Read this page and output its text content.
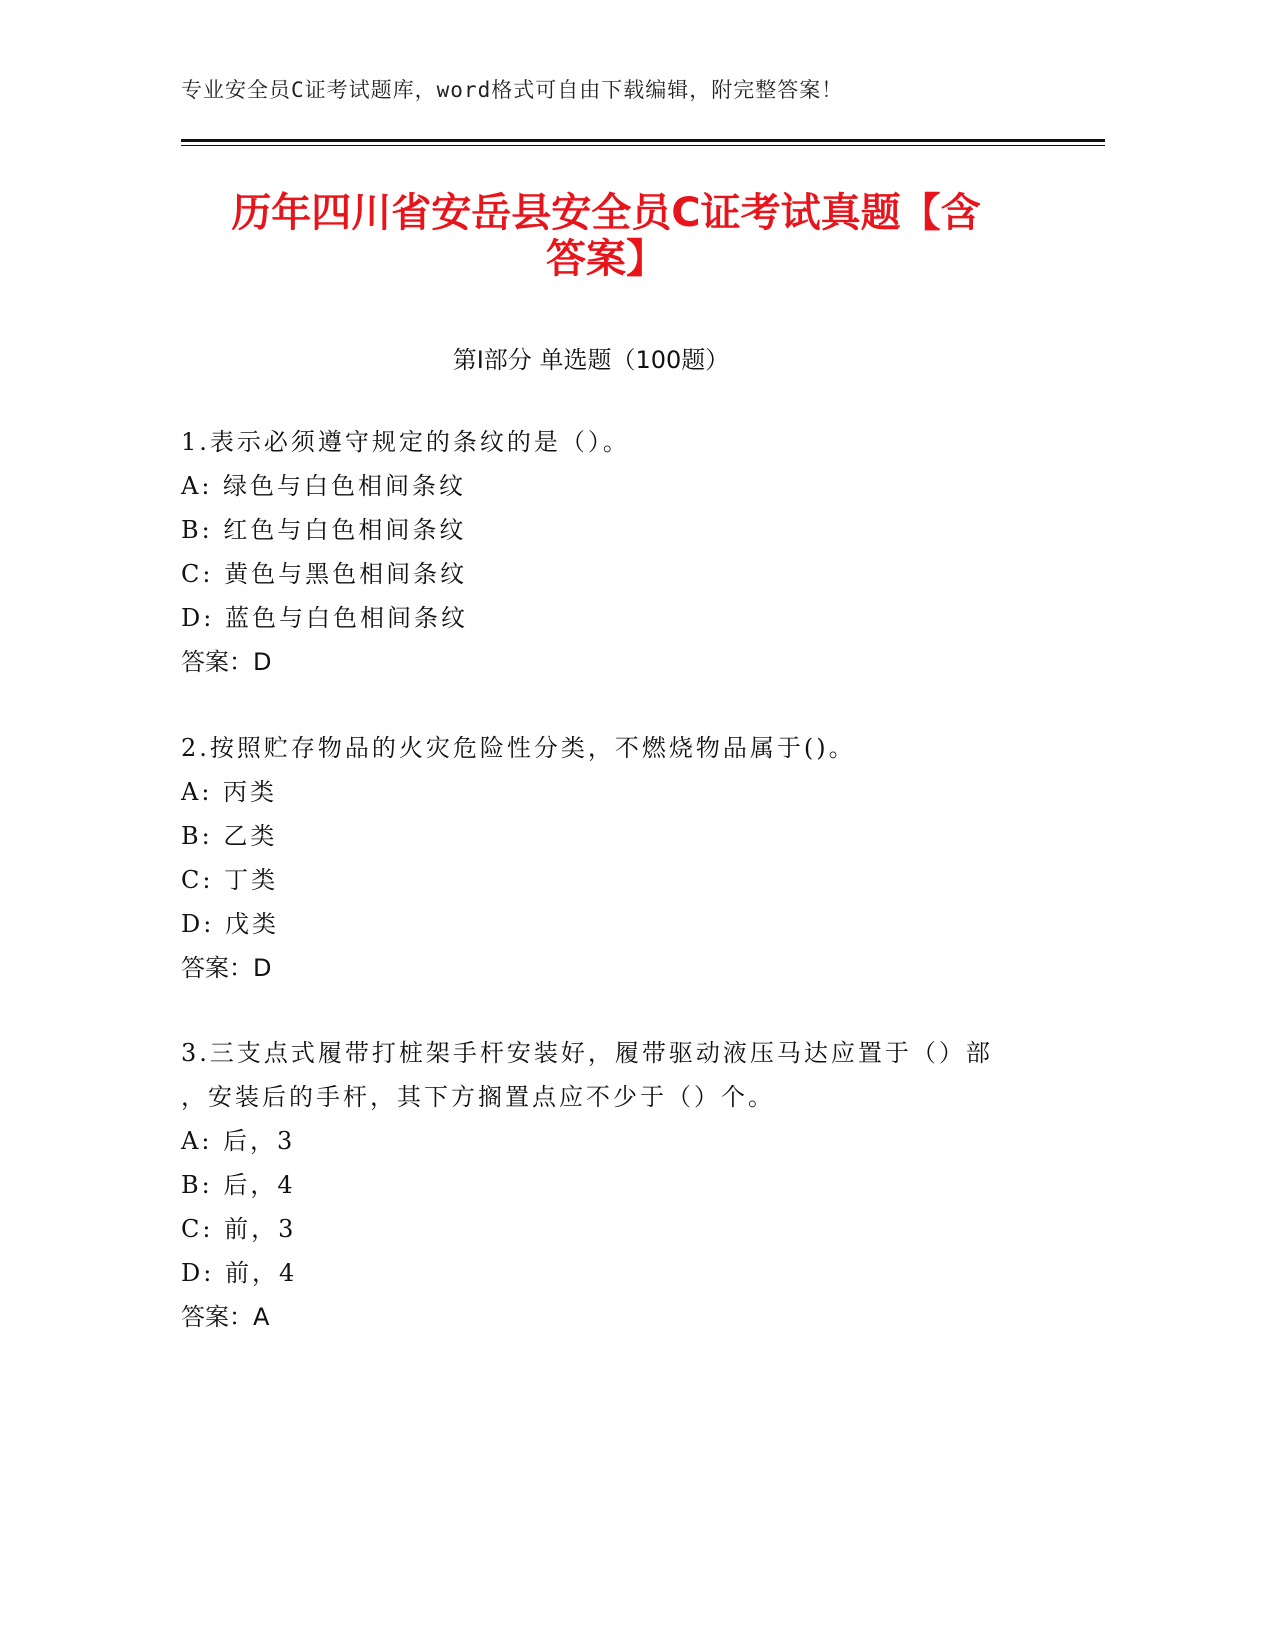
专业安全员C证考试题库，word格式可自由下载编辑，附完整答案！
历年四川省安岳县安全员C证考试真题【含
答案】
第Ⅰ部分 单选题（100题）

1.表示必须遵守规定的条纹的是（）。

A: 绿色与白色相间条纹

B: 红色与白色相间条纹

C: 黄色与黑色相间条纹

D: 蓝色与白色相间条纹

答案：D

2.按照贮存物品的火灾危险性分类，不燃烧物品属于()。

A: 丙类

B: 乙类

C: 丁类

D: 戊类

答案：D

3.三支点式履带打桩架手杆安装好，履带驱动液压马达应置于（）部

，安装后的手杆，其下方搁置点应不少于（）个。

A: 后，3

B: 后，4

C: 前，3

D: 前，4

答案：A
